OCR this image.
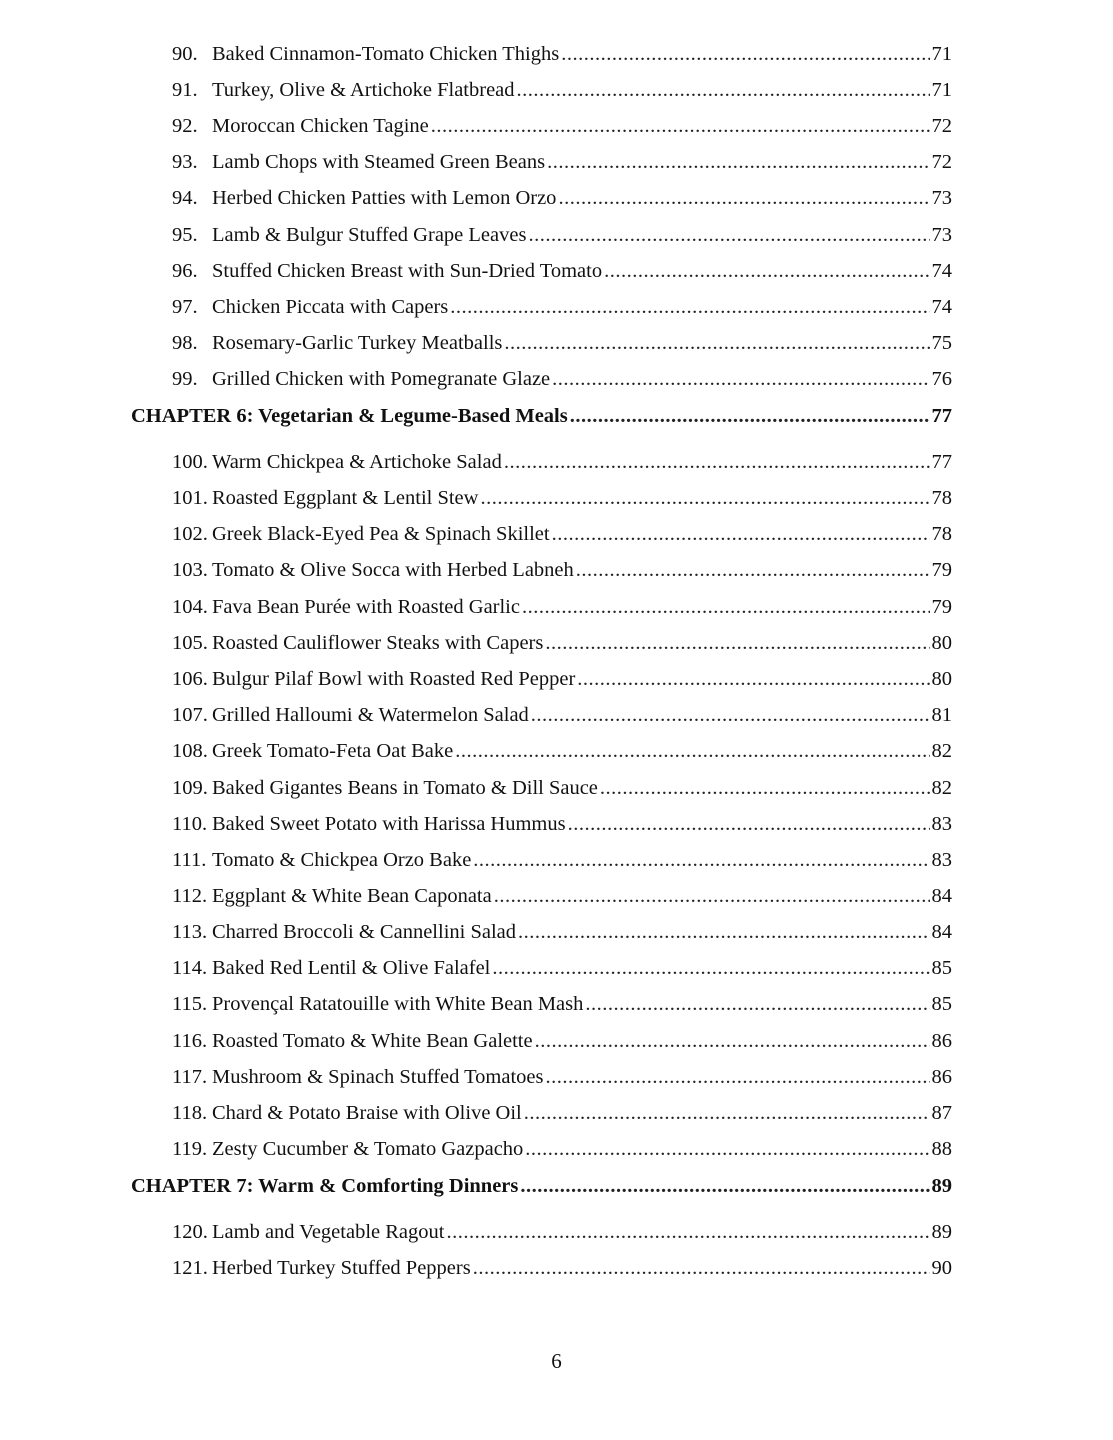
90. Baked Cinnamon-Tomato Chicken Thighs .....	71
91. Turkey, Olive & Artichoke Flatbread .....	71
92. Moroccan Chicken Tagine .....	72
93. Lamb Chops with Steamed Green Beans .....	72
94. Herbed Chicken Patties with Lemon Orzo .....	73
95. Lamb & Bulgur Stuffed Grape Leaves .....	73
96. Stuffed Chicken Breast with Sun-Dried Tomato .....	74
97. Chicken Piccata with Capers .....	74
98. Rosemary-Garlic Turkey Meatballs .....	75
99. Grilled Chicken with Pomegranate Glaze .....	76
CHAPTER 6: Vegetarian & Legume-Based Meals .....	77
100. Warm Chickpea & Artichoke Salad .....	77
101. Roasted Eggplant & Lentil Stew .....	78
102. Greek Black-Eyed Pea & Spinach Skillet .....	78
103. Tomato & Olive Socca with Herbed Labneh .....	79
104. Fava Bean Purée with Roasted Garlic .....	79
105. Roasted Cauliflower Steaks with Capers .....	80
106. Bulgur Pilaf Bowl with Roasted Red Pepper .....	80
107. Grilled Halloumi & Watermelon Salad .....	81
108. Greek Tomato-Feta Oat Bake .....	82
109. Baked Gigantes Beans in Tomato & Dill Sauce .....	82
110. Baked Sweet Potato with Harissa Hummus .....	83
111. Tomato & Chickpea Orzo Bake .....	83
112. Eggplant & White Bean Caponata .....	84
113. Charred Broccoli & Cannellini Salad .....	84
114. Baked Red Lentil & Olive Falafel .....	85
115. Provençal Ratatouille with White Bean Mash .....	85
116. Roasted Tomato & White Bean Galette .....	86
117. Mushroom & Spinach Stuffed Tomatoes .....	86
118. Chard & Potato Braise with Olive Oil .....	87
119. Zesty Cucumber & Tomato Gazpacho .....	88
CHAPTER 7: Warm & Comforting Dinners .....	89
120. Lamb and Vegetable Ragout .....	89
121. Herbed Turkey Stuffed Peppers .....	90
6
